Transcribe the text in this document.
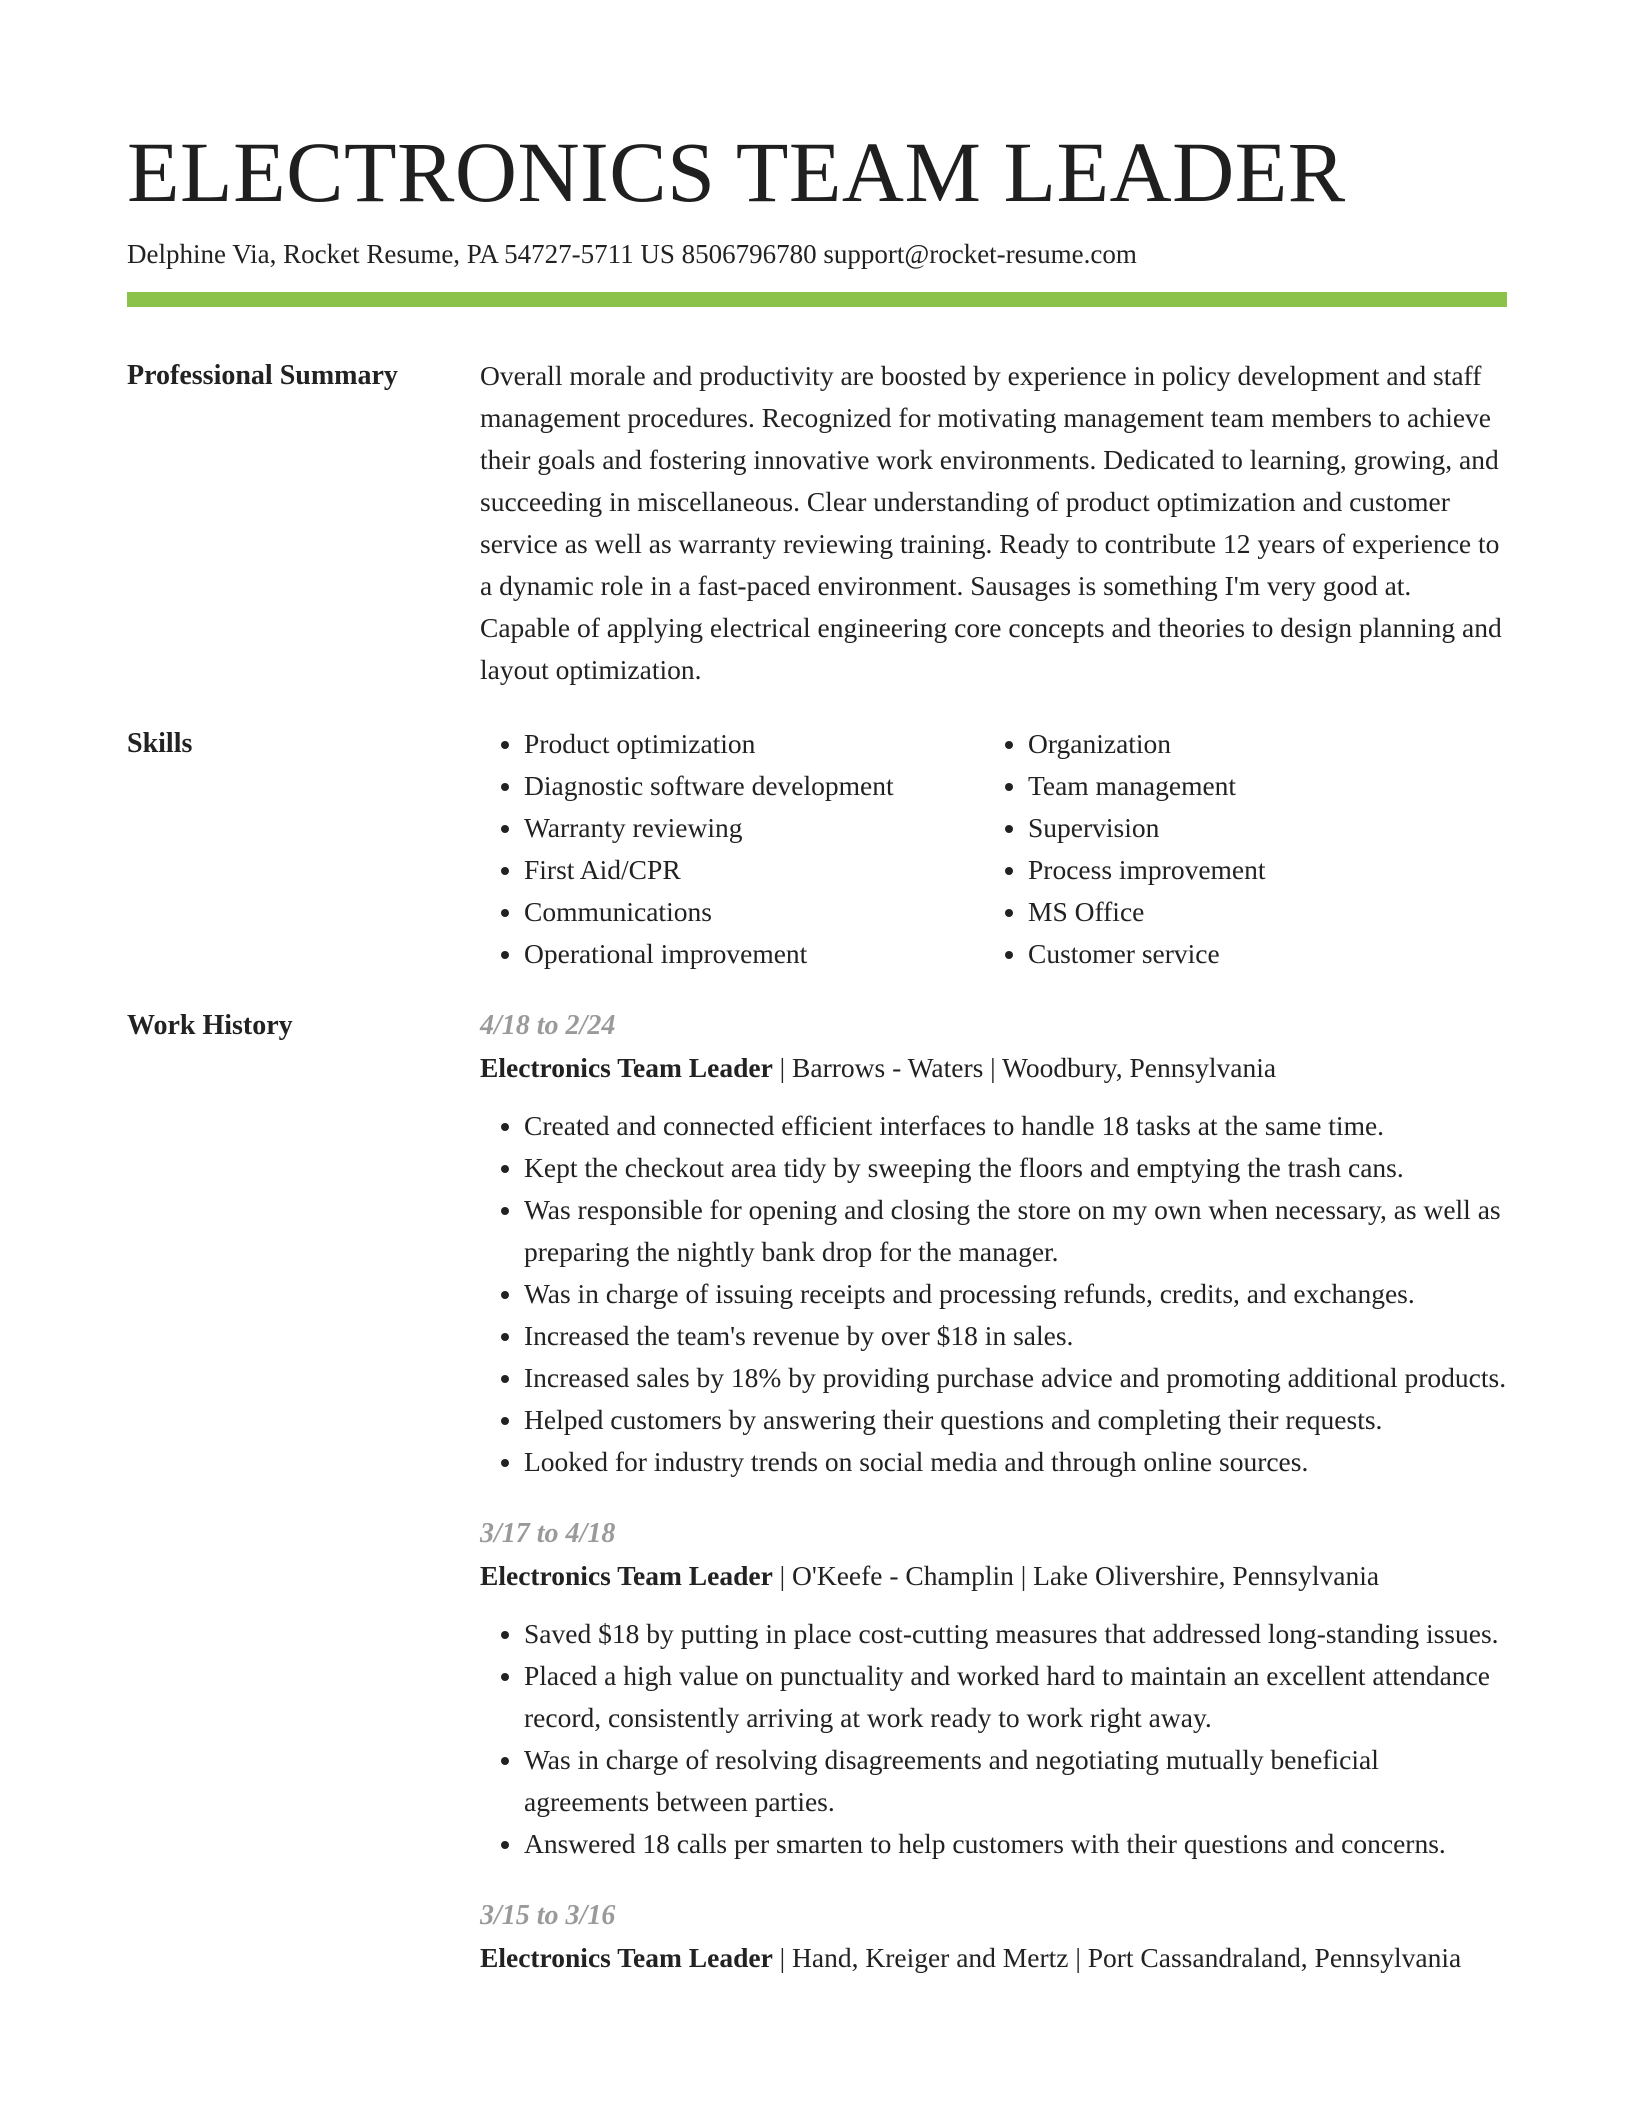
ELECTRONICS TEAM LEADER
Delphine Via, Rocket Resume, PA 54727-5711 US 8506796780 support@rocket-resume.com
Professional Summary	Overall morale and productivity are boosted by experience in policy development and staff management procedures. Recognized for motivating management team members to achieve their goals and fostering innovative work environments. Dedicated to learning, growing, and succeeding in miscellaneous. Clear understanding of product optimization and customer service as well as warranty reviewing training. Ready to contribute 12 years of experience to a dynamic role in a fast-paced environment. Sausages is something I'm very good at. Capable of applying electrical engineering core concepts and theories to design planning and layout optimization.

Skills
•	Product optimization
• Diagnostic software development
• Warranty reviewing
• First Aid/CPR
• Communications
• Operational improvement
• Organization
• Team management
• Supervision
• Process improvement
• MS Office
• Customer service
Work History	4/18 to 2/24
Electronics Team Leader | Barrows - Waters | Woodbury, Pennsylvania
• Created and connected efficient interfaces to handle 18 tasks at the same time.
• Kept the checkout area tidy by sweeping the floors and emptying the trash cans.
• Was responsible for opening and closing the store on my own when necessary, as well as preparing the nightly bank drop for the manager.
• Was in charge of issuing receipts and processing refunds, credits, and exchanges.
• Increased the team's revenue by over $18 in sales.
• Increased sales by 18% by providing purchase advice and promoting additional products.
• Helped customers by answering their questions and completing their requests.
• Looked for industry trends on social media and through online sources.
3/17 to 4/18
Electronics Team Leader | O'Keefe - Champlin | Lake Olivershire, Pennsylvania
• Saved $18 by putting in place cost-cutting measures that addressed long-standing issues.
• Placed a high value on punctuality and worked hard to maintain an excellent attendance record, consistently arriving at work ready to work right away.
• Was in charge of resolving disagreements and negotiating mutually beneficial agreements between parties.
• Answered 18 calls per smarten to help customers with their questions and concerns.
3/15 to 3/16
Electronics Team Leader | Hand, Kreiger and Mertz | Port Cassandraland, Pennsylvania
